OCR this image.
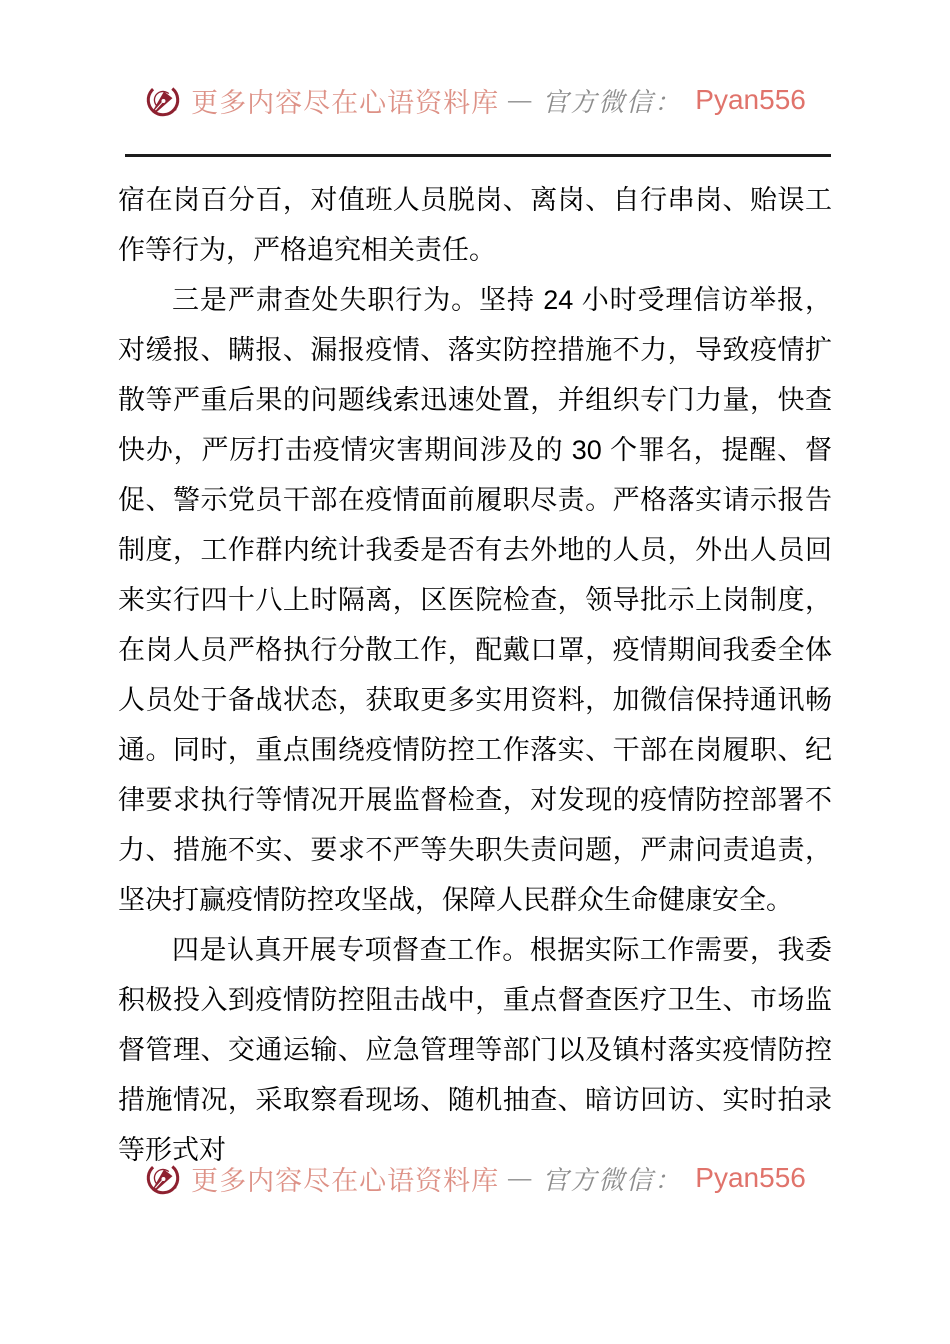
更多内容尽在心语资料库 — 官方微信： Pyan556

宿在岗百分百，对值班人员脱岗、离岗、自行串岗、贻误工作等行为，严格追究相关责任。

三是严肃查处失职行为。坚持 24 小时受理信访举报，对缓报、瞒报、漏报疫情、落实防控措施不力，导致疫情扩散等严重后果的问题线索迅速处置，并组织专门力量，快查快办，严厉打击疫情灾害期间涉及的 30 个罪名，提醒、督促、警示党员干部在疫情面前履职尽责。严格落实请示报告制度，工作群内统计我委是否有去外地的人员，外出人员回来实行四十八上时隔离，区医院检查，领导批示上岗制度，在岗人员严格执行分散工作，配戴口罩，疫情期间我委全体人员处于备战状态，获取更多实用资料，加微信保持通讯畅通。同时，重点围绕疫情防控工作落实、干部在岗履职、纪律要求执行等情况开展监督检查，对发现的疫情防控部署不力、措施不实、要求不严等失职失责问题，严肃问责追责，坚决打赢疫情防控攻坚战，保障人民群众生命健康安全。

四是认真开展专项督查工作。根据实际工作需要，我委积极投入到疫情防控阻击战中，重点督查医疗卫生、市场监督管理、交通运输、应急管理等部门以及镇村落实疫情防控措施情况，采取察看现场、随机抽查、暗访回访、实时拍录等形式对

更多内容尽在心语资料库 — 官方微信： Pyan556
